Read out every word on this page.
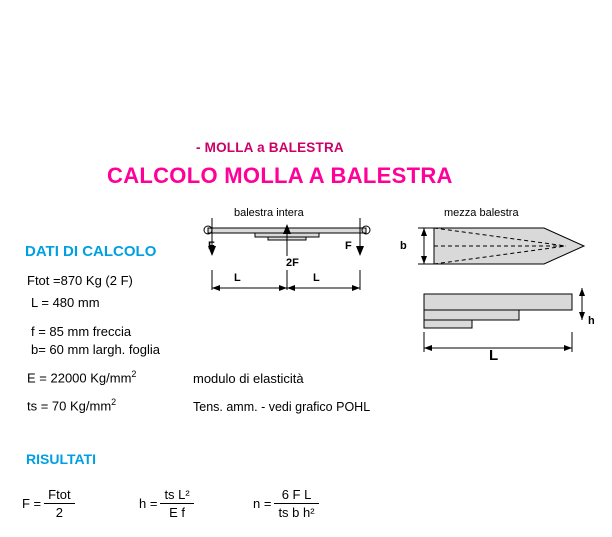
- MOLLA a BALESTRA
CALCOLO MOLLA A BALESTRA
balestra intera
F	F
2F
L	L
mezza balestra
b
h
L
DATI DI CALCOLO
Ftot =870 Kg (2 F)
L = 480 mm
f = 85 mm freccia
b= 60 mm largh. foglia
E = 22000 $Kg/mm^2$	modulo di elasticità
ts = 70 $Kg/mm^2$	Tens. amm. - vedi grafico POHL
RISULTATI
$F = \frac{\text{Ftot}}{2}$	$h = \frac{\text{ts L²}}{\text{E f}}$	$n = \frac{\text{6 F L}}{\text{ts b h²}}$
